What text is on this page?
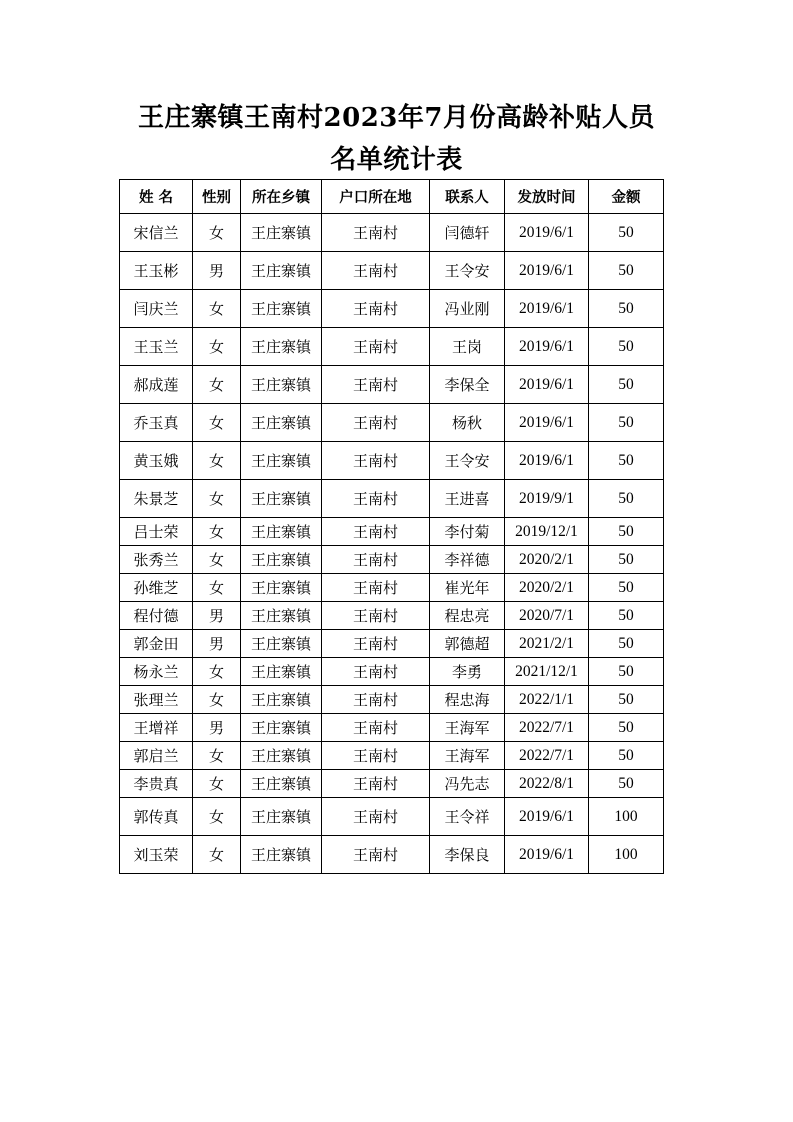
王庄寨镇王南村2023年7月份高龄补贴人员
名单统计表
姓 名	性别	所在乡镇	户口所在地	联系人	发放时间	金额
宋信兰	女	王庄寨镇	王南村	闫德轩	2019/6/1	50
王玉彬	男	王庄寨镇	王南村	王令安	2019/6/1	50
闫庆兰	女	王庄寨镇	王南村	冯业刚	2019/6/1	50
王玉兰	女	王庄寨镇	王南村	王岗	2019/6/1	50
郝成莲	女	王庄寨镇	王南村	李保全	2019/6/1	50
乔玉真	女	王庄寨镇	王南村	杨秋	2019/6/1	50
黄玉娥	女	王庄寨镇	王南村	王令安	2019/6/1	50
朱景芝	女	王庄寨镇	王南村	王进喜	2019/9/1	50
吕士荣	女	王庄寨镇	王南村	李付菊	2019/12/1	50
张秀兰	女	王庄寨镇	王南村	李祥德	2020/2/1	50
孙维芝	女	王庄寨镇	王南村	崔光年	2020/2/1	50
程付德	男	王庄寨镇	王南村	程忠亮	2020/7/1	50
郭金田	男	王庄寨镇	王南村	郭德超	2021/2/1	50
杨永兰	女	王庄寨镇	王南村	李勇	2021/12/1	50
张理兰	女	王庄寨镇	王南村	程忠海	2022/1/1	50
王增祥	男	王庄寨镇	王南村	王海军	2022/7/1	50
郭启兰	女	王庄寨镇	王南村	王海军	2022/7/1	50
李贵真	女	王庄寨镇	王南村	冯先志	2022/8/1	50
郭传真	女	王庄寨镇	王南村	王令祥	2019/6/1	100
刘玉荣	女	王庄寨镇	王南村	李保良	2019/6/1	100
